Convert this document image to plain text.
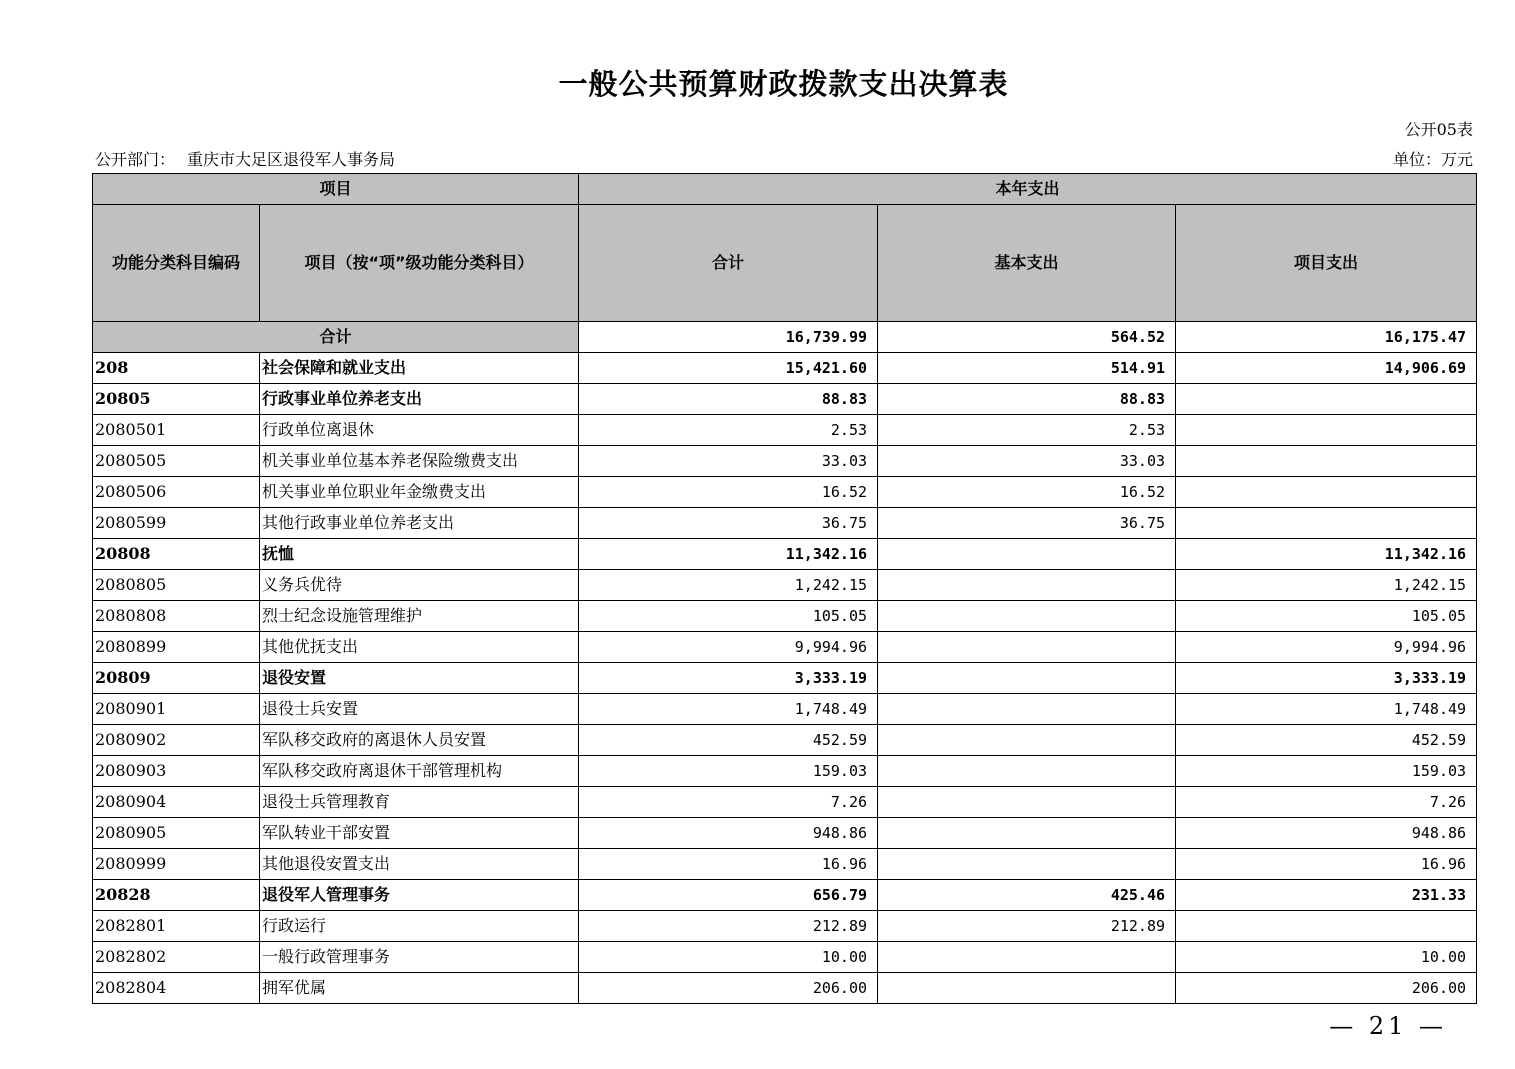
一般公共预算财政拨款支出决算表
公开05表
公开部门： 重庆市大足区退役军人事务局	单位：万元
项目		本年支出		
功能分类科目编码	项目（按“项”级功能分类科目）	合计	基本支出	项目支出
合计		16,739.99	564.52	16,175.47
208	社会保障和就业支出	15,421.60	514.91	14,906.69
20805	行政事业单位养老支出	88.83	88.83	
2080501	行政单位离退休	2.53	2.53	
2080505	机关事业单位基本养老保险缴费支出	33.03	33.03	
2080506	机关事业单位职业年金缴费支出	16.52	16.52	
2080599	其他行政事业单位养老支出	36.75	36.75	
20808	抚恤	11,342.16		11,342.16
2080805	义务兵优待	1,242.15		1,242.15
2080808	烈士纪念设施管理维护	105.05		105.05
2080899	其他优抚支出	9,994.96		9,994.96
20809	退役安置	3,333.19		3,333.19
2080901	退役士兵安置	1,748.49		1,748.49
2080902	军队移交政府的离退休人员安置	452.59		452.59
2080903	军队移交政府离退休干部管理机构	159.03		159.03
2080904	退役士兵管理教育	7.26		7.26
2080905	军队转业干部安置	948.86		948.86
2080999	其他退役安置支出	16.96		16.96
20828	退役军人管理事务	656.79	425.46	231.33
2082801	行政运行	212.89	212.89	
2082802	一般行政管理事务	10.00		10.00
2082804	拥军优属	206.00		206.00
— 21 —
